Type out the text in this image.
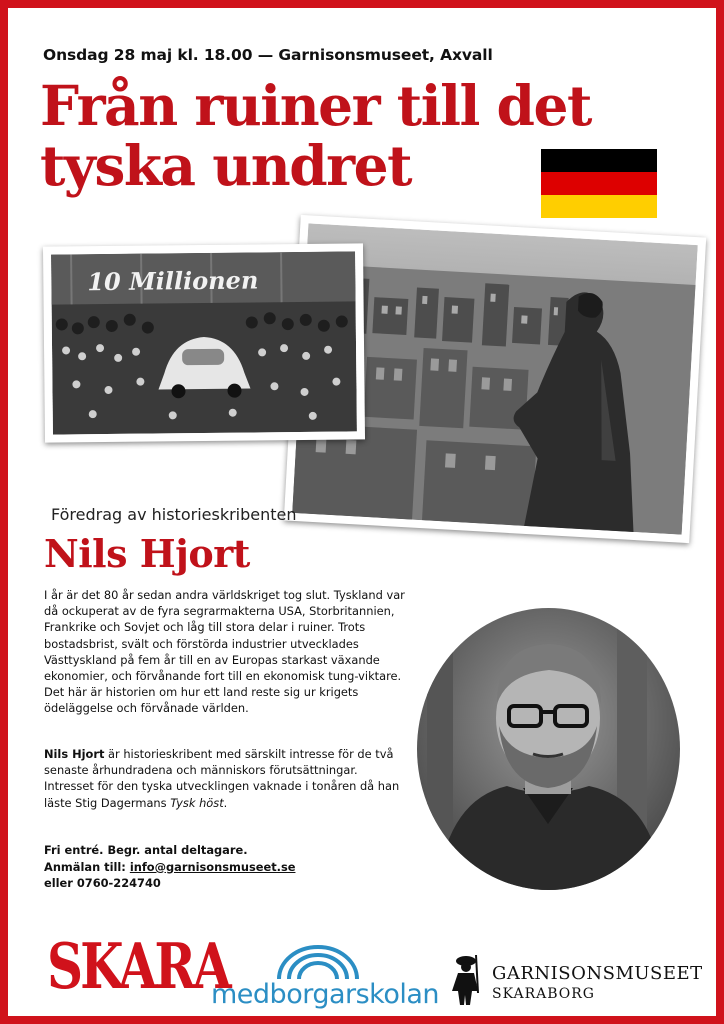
Onsdag 28 maj kl. 18.00 — Garnisonsmuseet, Axvall
Från ruiner till det
tyska undret
10 Millionen
Föredrag av historieskribenten
Nils Hjort

I år är det 80 år sedan andra världskriget tog slut. Tyskland var då ockuperat av de fyra segrarmakterna USA, Storbritannien, Frankrike och Sovjet och låg till stora delar i ruiner. Trots bostadsbrist, svält och förstörda industrier utvecklades Västtyskland på fem år till en av Europas starkast växande ekonomier, och förvånande fort till en ekonomisk tung-viktare. Det här är historien om hur ett land reste sig ur krigets ödeläggelse och förvånade världen.

Nils Hjort är historieskribent med särskilt intresse för de två senaste århundradena och människors förutsättningar. Intresset för den tyska utvecklingen vaknade i tonåren då han läste Stig Dagermans Tysk höst.

Fri entré. Begr. antal deltagare.
Anmälan till: info@garnisonsmuseet.se
eller 0760-224740
SKARA
medborgarskolan
GARNISONSMUSEET
SKARABORG
